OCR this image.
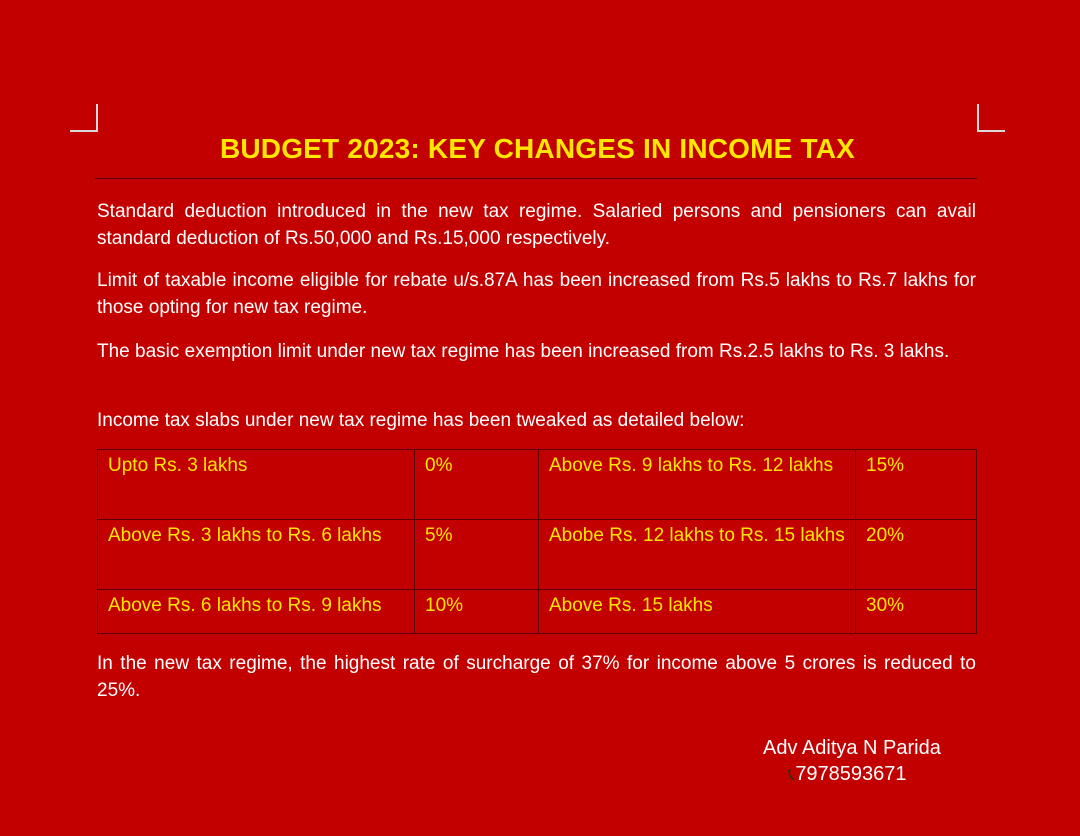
BUDGET 2023: KEY CHANGES IN INCOME TAX

Standard deduction introduced in the new tax regime. Salaried persons and pensioners can avail standard deduction of Rs.50,000 and Rs.15,000 respectively.

Limit of taxable income eligible for rebate u/s.87A has been increased from Rs.5 lakhs to Rs.7 lakhs for those opting for new tax regime.

The basic exemption limit under new tax regime has been increased from Rs.2.5 lakhs to Rs. 3 lakhs.

Income tax slabs under new tax regime has been tweaked as detailed below:

Upto Rs. 3 lakhs	0%	Above Rs. 9 lakhs to Rs. 12 lakhs	15%
Above Rs. 3 lakhs to Rs. 6 lakhs	5%	Abobe Rs. 12 lakhs to Rs. 15 lakhs	20%
Above Rs. 6 lakhs to Rs. 9 lakhs	10%	Above Rs. 15 lakhs	30%

In the new tax regime, the highest rate of surcharge of 37% for income above 5 crores is reduced to 25%.

Adv Aditya N Parida
📞︎ 7978593671
